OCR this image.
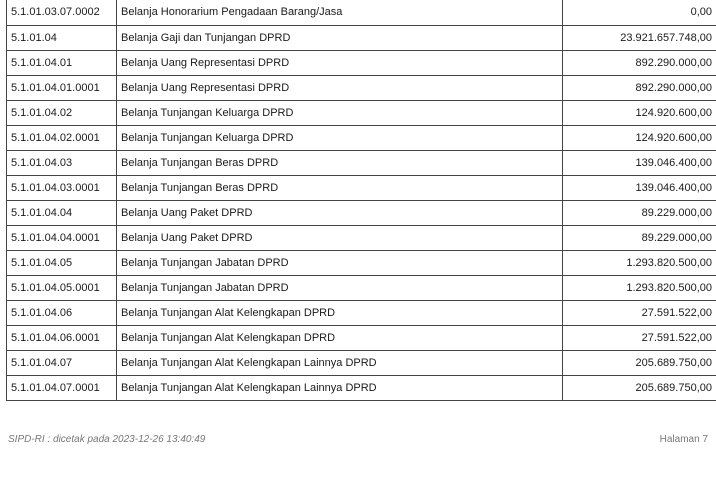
5.1.01.03.07.0002	Belanja Honorarium Pengadaan Barang/Jasa	0,00
5.1.01.04	Belanja Gaji dan Tunjangan DPRD	23.921.657.748,00
5.1.01.04.01	Belanja Uang Representasi DPRD	892.290.000,00
5.1.01.04.01.0001	Belanja Uang Representasi DPRD	892.290.000,00
5.1.01.04.02	Belanja Tunjangan Keluarga DPRD	124.920.600,00
5.1.01.04.02.0001	Belanja Tunjangan Keluarga DPRD	124.920.600,00
5.1.01.04.03	Belanja Tunjangan Beras DPRD	139.046.400,00
5.1.01.04.03.0001	Belanja Tunjangan Beras DPRD	139.046.400,00
5.1.01.04.04	Belanja Uang Paket DPRD	89.229.000,00
5.1.01.04.04.0001	Belanja Uang Paket DPRD	89.229.000,00
5.1.01.04.05	Belanja Tunjangan Jabatan DPRD	1.293.820.500,00
5.1.01.04.05.0001	Belanja Tunjangan Jabatan DPRD	1.293.820.500,00
5.1.01.04.06	Belanja Tunjangan Alat Kelengkapan DPRD	27.591.522,00
5.1.01.04.06.0001	Belanja Tunjangan Alat Kelengkapan DPRD	27.591.522,00
5.1.01.04.07	Belanja Tunjangan Alat Kelengkapan Lainnya DPRD	205.689.750,00
5.1.01.04.07.0001	Belanja Tunjangan Alat Kelengkapan Lainnya DPRD	205.689.750,00
SIPD-RI : dicetak pada 2023-12-26 13:40:49	Halaman 7
